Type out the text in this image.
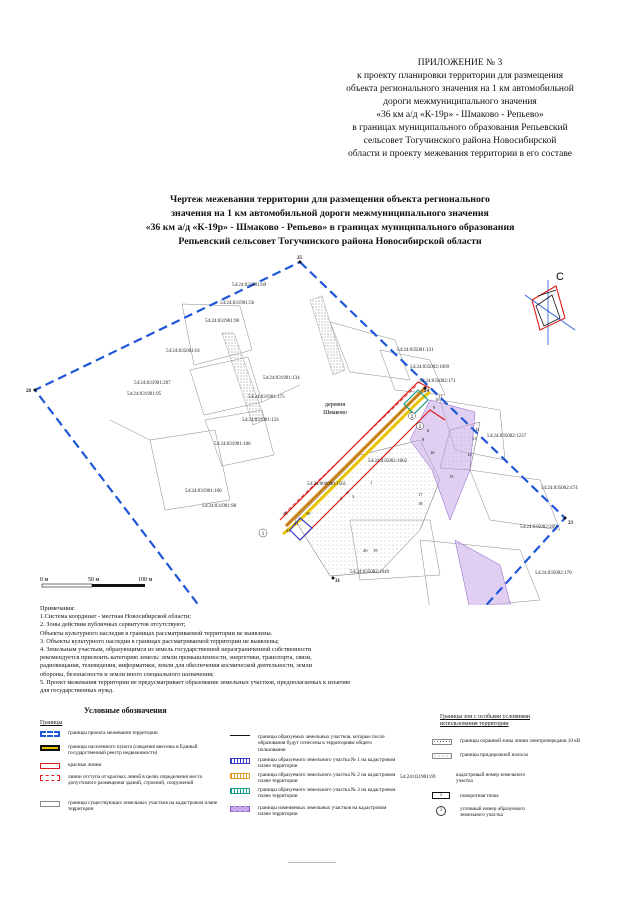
ПРИЛОЖЕНИЕ № 3
к проекту планировки территории для размещения
объекта регионального значения на 1 км автомобильной
дороги межмуниципального значения
«36 км а/д «К-19р» - Шмаково - Репьево»
в границах муниципального образования Репьевский
сельсовет Тогучинского района Новосибирской
области и проекту межевания территории в его составе
Чертеж межевания территории для размещения объекта регионального
значения на 1 км автомобильной дороги межмуниципального значения
«36 км а/д «К-19р» - Шмаково - Репьево» в границах муниципального образования
Репьевский сельсовет Тогучинского района Новосибирской области
деревня
Шмаково
54:24:031901:69
54:24:031901:56
54:24:031901:90
54:24:035001:61
54:24:031901:207
54:24:031901:95
54:24:031901:134
54:24:031901:175
54:24:031901:133
54:24:031901:106
54:24:031901:100
54:24:031901:98
54:24:035001:131
54:24:035002:1069
54:24:035002:171
54:24:035002:1237
54:24:035002:1062
54:24:000000:1561
54:24:035002:474
54:24:035002:209
54:24:035002:170
54:24:035002:1049
25
28
31
24
23
1
3
4
5
6
8
9
10
11
12
13
14
15
16
17
18
19
20
21
22
29	30
1
2
3
С
0 м	50 м	100 м
Примечания:
1.Система координат - местная Новосибирской области;
2. Зоны действия публичных сервитутов отсутствуют;
Объекты культурного наследия в границах рассматриваемой территории не выявлены.
3. Объекты культурного наследия в границах рассматриваемой территории не выявлены;
4. Земельным участкам, образующимся из земель государственной неразграниченной собственности
рекомендуется присвоить категорию земель: земли промышленности, энергетики, транспорта, связи,
радиовещания, телевидения, информатики, земли для обеспечения космической деятельности, земли
обороны, безопасности и земли иного специального назначения;
5. Проект межевания территории не предусматривает образование земельных участков, предполагаемых к изъятию
для государственных нужд.
Условные обозначения
Границы
Границы зон с особыми условиями использования территории
границы проекта межевания территории
границы населенного пункта (сведения внесены в Единый государственный реестр недвижимости)
красные линии
линии отступа от красных линий в целях определения места допустимого размещения зданий, строений, сооружений
границы существующих земельных участков на кадастровом плане территории
границы образуемых земельных участков, которые после образования будут отнесены к территориям общего пользования
границы образуемого земельного участка № 1 на кадастровом плане территории
границы образуемого земельного участка № 2 на кадастровом плане территории
границы образуемого земельного участка № 3 на кадастровом плане территории
границы изменяемых земельных участков на кадастровом плане территории
границы охранной зоны линии электропередачи 10 кВ
границы придорожной полосы
54:24:031901:69	кадастровый номер земельного участка
1	поворотная точка
1	условный номер образуемого земельного участка
